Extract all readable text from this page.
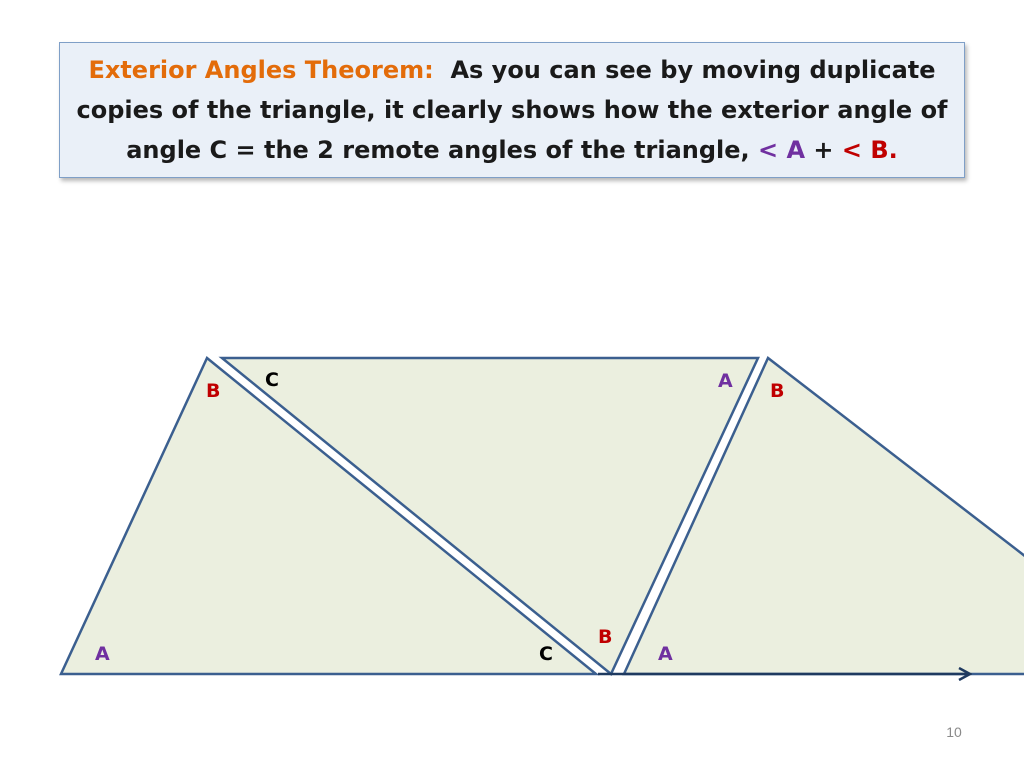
Exterior Angles Theorem: As you can see by moving duplicate copies of the triangle, it clearly shows how the exterior angle of angle C = the 2 remote angles of the triangle, < A + < B.

B
A	C
C	A
B
B
A
10
